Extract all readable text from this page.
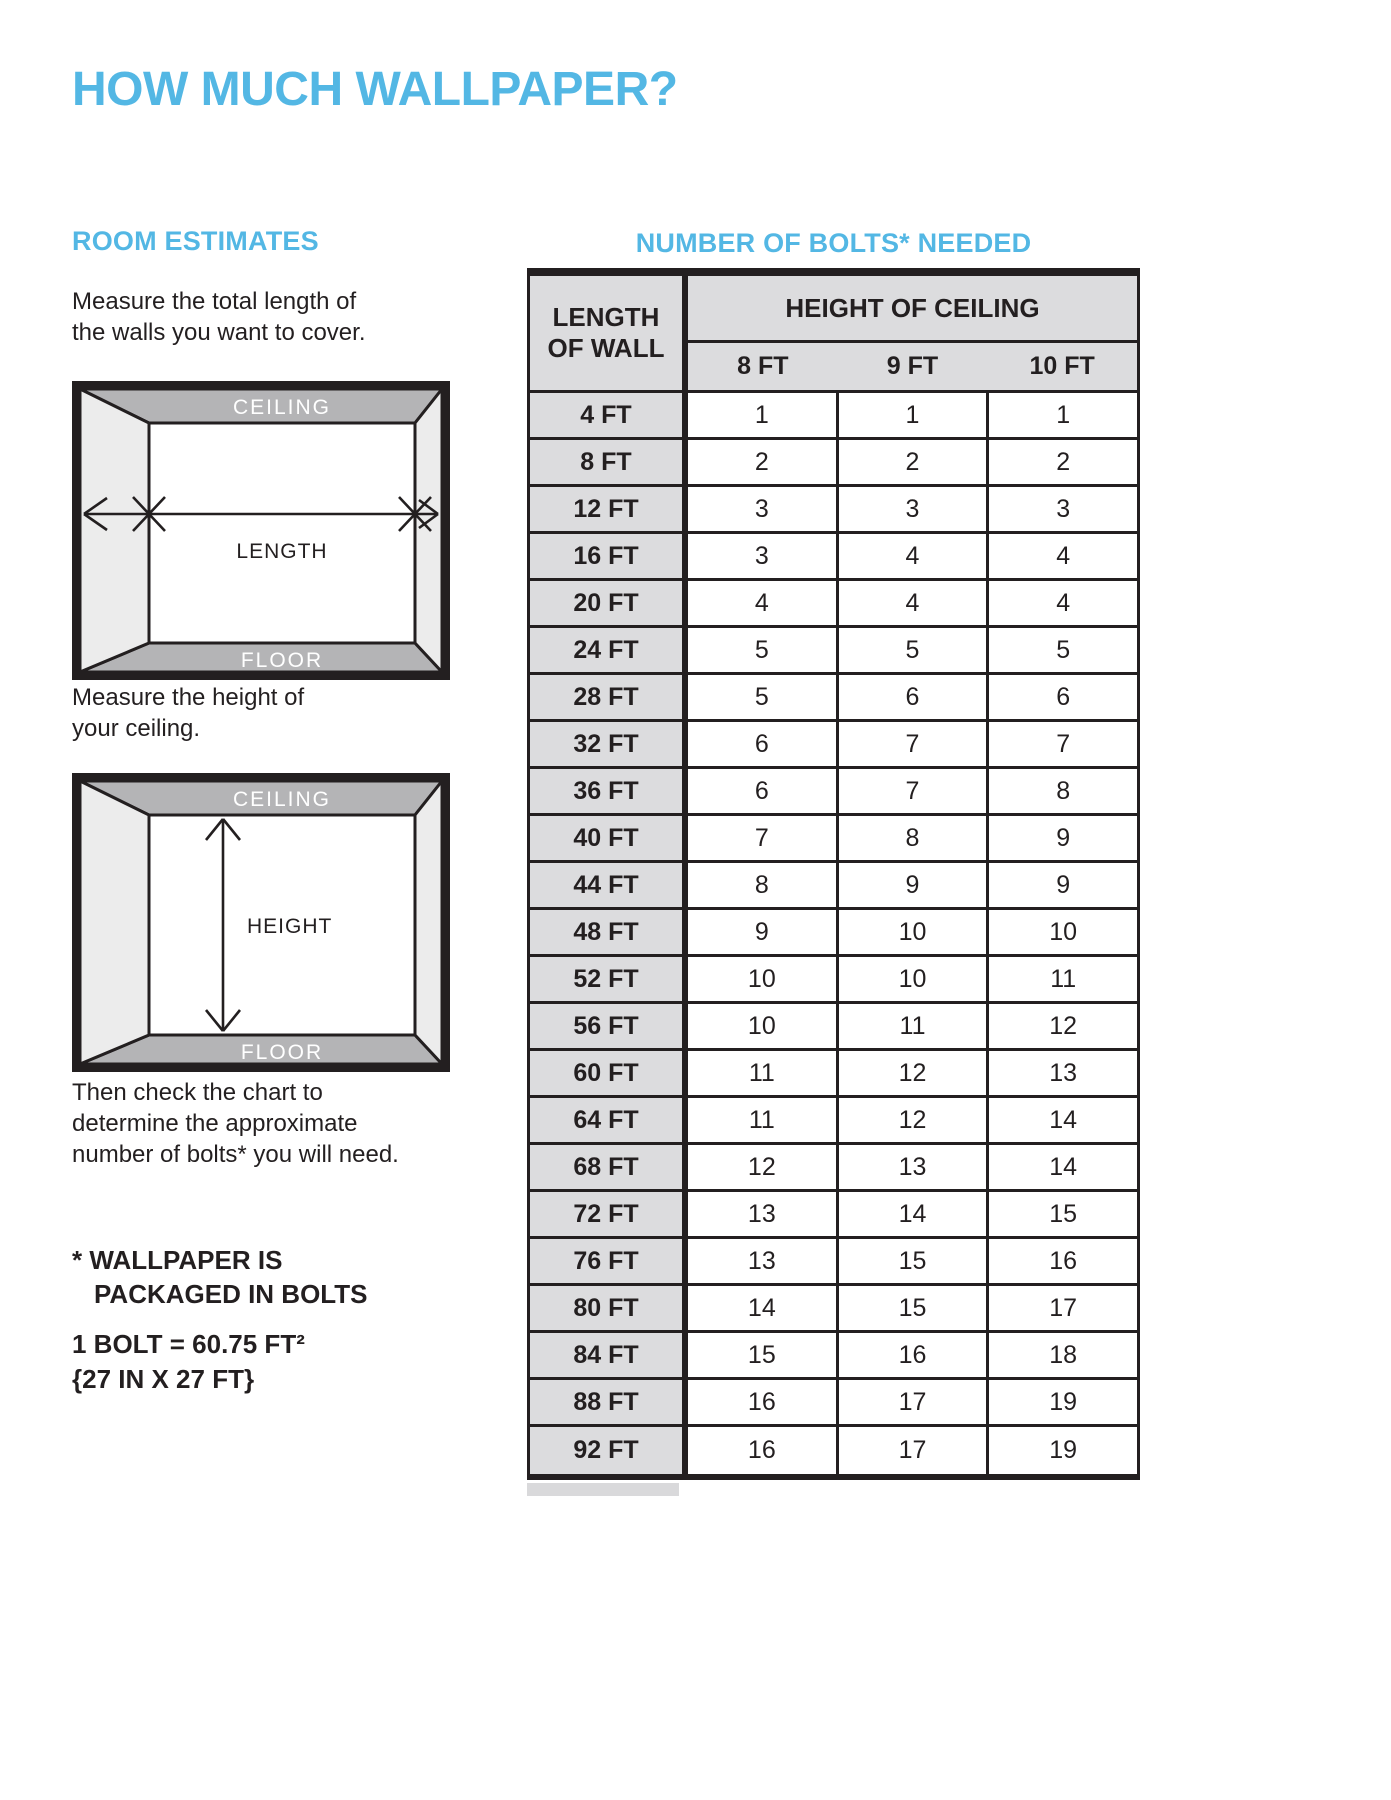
HOW MUCH WALLPAPER?
ROOM ESTIMATES
Measure the total length of
the walls you want to cover.
CEILING
LENGTH
FLOOR
Measure the height of
your ceiling.
CEILING
HEIGHT
FLOOR
Then check the chart to
determine the approximate
number of bolts* you will need.
* WALLPAPER IS
PACKAGED IN BOLTS
1 BOLT = 60.75 FT²
{27 IN X 27 FT}
NUMBER OF BOLTS* NEEDED
LENGTH
OF WALL
HEIGHT OF CEILING
8 FT	9 FT	10 FT
4 FT	1	1	1
8 FT	2	2	2
12 FT	3	3	3
16 FT	3	4	4
20 FT	4	4	4
24 FT	5	5	5
28 FT	5	6	6
32 FT	6	7	7
36 FT	6	7	8
40 FT	7	8	9
44 FT	8	9	9
48 FT	9	10	10
52 FT	10	10	11
56 FT	10	11	12
60 FT	11	12	13
64 FT	11	12	14
68 FT	12	13	14
72 FT	13	14	15
76 FT	13	15	16
80 FT	14	15	17
84 FT	15	16	18
88 FT	16	17	19
92 FT	16	17	19
